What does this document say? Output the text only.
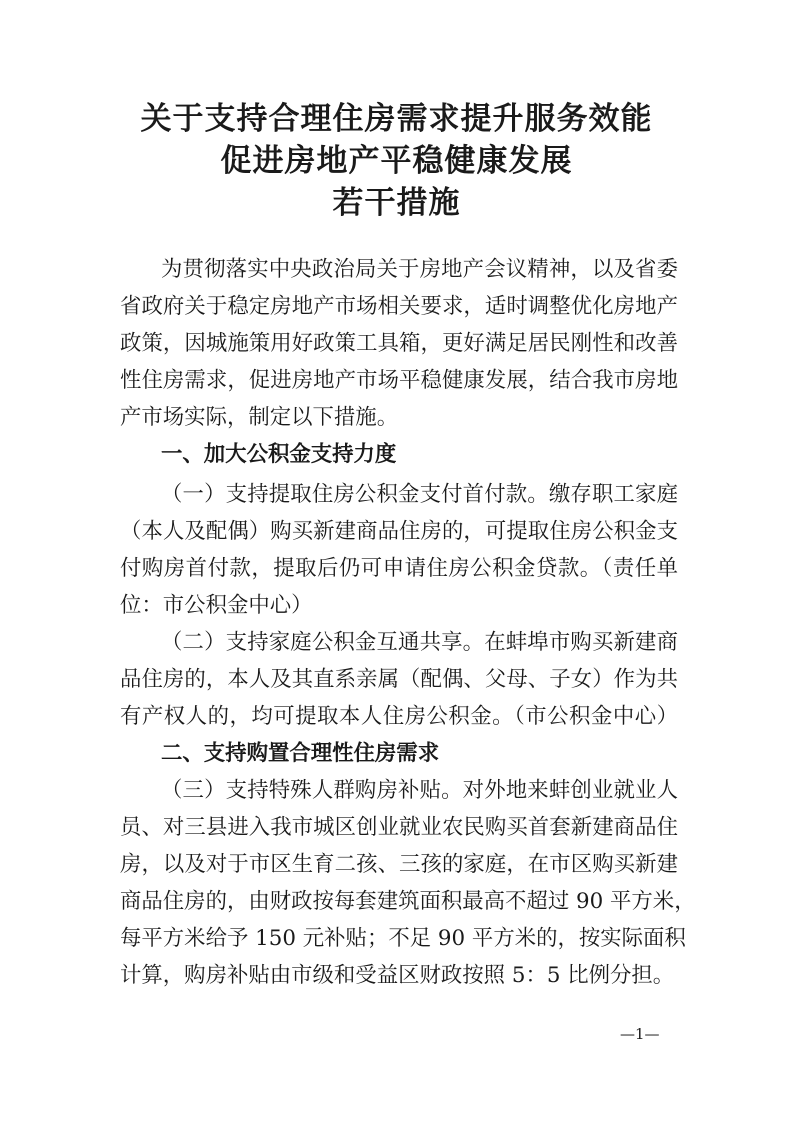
关于支持合理住房需求提升服务效能
促进房地产平稳健康发展
若干措施
为贯彻落实中央政治局关于房地产会议精神，以及省委
省政府关于稳定房地产市场相关要求，适时调整优化房地产
政策，因城施策用好政策工具箱，更好满足居民刚性和改善
性住房需求，促进房地产市场平稳健康发展，结合我市房地
产市场实际，制定以下措施。
一、加大公积金支持力度
（一）支持提取住房公积金支付首付款。缴存职工家庭
（本人及配偶）购买新建商品住房的，可提取住房公积金支
付购房首付款，提取后仍可申请住房公积金贷款。（责任单
位：市公积金中心）
（二）支持家庭公积金互通共享。在蚌埠市购买新建商
品住房的，本人及其直系亲属（配偶、父母、子女）作为共
有产权人的，均可提取本人住房公积金。（市公积金中心）
二、支持购置合理性住房需求
（三）支持特殊人群购房补贴。对外地来蚌创业就业人
员、对三县进入我市城区创业就业农民购买首套新建商品住
房，以及对于市区生育二孩、三孩的家庭，在市区购买新建
商品住房的，由财政按每套建筑面积最高不超过 90 平方米，
每平方米给予 150 元补贴；不足 90 平方米的，按实际面积
计算，购房补贴由市级和受益区财政按照 5：5 比例分担。
—1—
